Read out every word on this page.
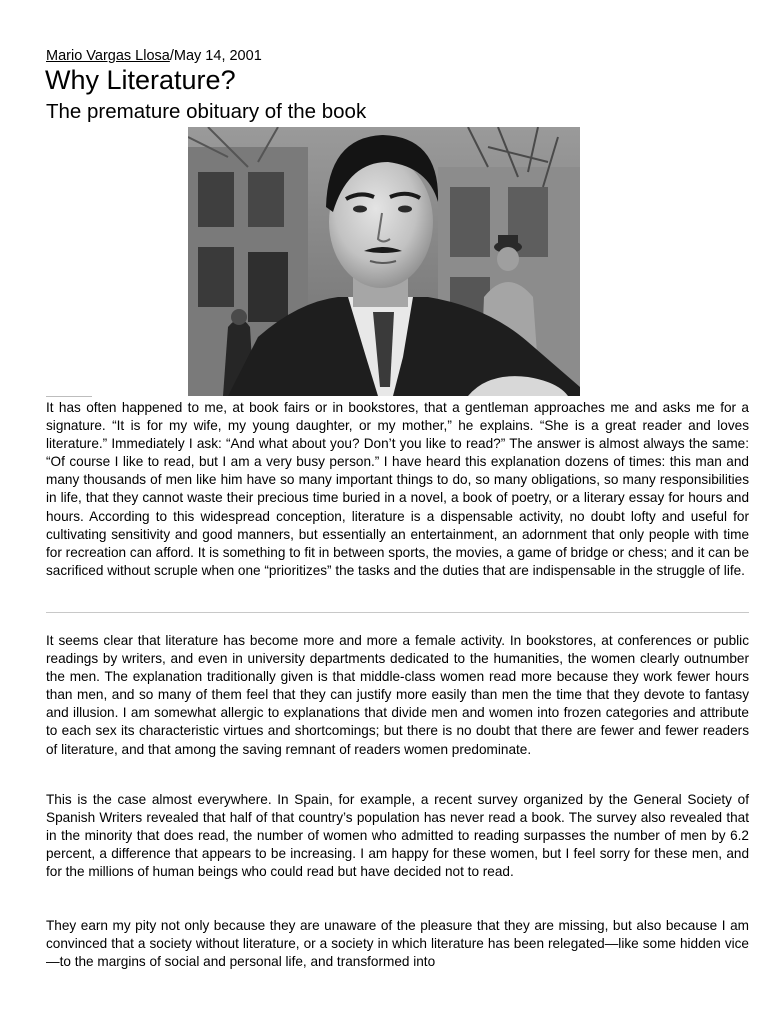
Mario Vargas Llosa/May 14, 2001
Why Literature?
The premature obituary of the book

It has often happened to me, at book fairs or in bookstores, that a gentleman approaches me and asks me for a signature. “It is for my wife, my young daughter, or my mother,” he explains. “She is a great reader and loves literature.” Immediately I ask: “And what about you? Don’t you like to read?” The answer is almost always the same: “Of course I like to read, but I am a very busy person.” I have heard this explanation dozens of times: this man and many thousands of men like him have so many important things to do, so many obligations, so many responsibilities in life, that they cannot waste their precious time buried in a novel, a book of poetry, or a literary essay for hours and hours. According to this widespread conception, literature is a dispensable activity, no doubt lofty and useful for cultivating sensitivity and good manners, but essentially an entertainment, an adornment that only people with time for recreation can afford. It is something to fit in between sports, the movies, a game of bridge or chess; and it can be sacrificed without scruple when one “prioritizes” the tasks and the duties that are indispensable in the struggle of life.

It seems clear that literature has become more and more a female activity. In bookstores, at conferences or public readings by writers, and even in university departments dedicated to the humanities, the women clearly outnumber the men. The explanation traditionally given is that middle-class women read more because they work fewer hours than men, and so many of them feel that they can justify more easily than men the time that they devote to fantasy and illusion. I am somewhat allergic to explanations that divide men and women into frozen categories and attribute to each sex its characteristic virtues and shortcomings; but there is no doubt that there are fewer and fewer readers of literature, and that among the saving remnant of readers women predominate.

This is the case almost everywhere. In Spain, for example, a recent survey organized by the General Society of Spanish Writers revealed that half of that country’s population has never read a book. The survey also revealed that in the minority that does read, the number of women who admitted to reading surpasses the number of men by 6.2 percent, a difference that appears to be increasing. I am happy for these women, but I feel sorry for these men, and for the millions of human beings who could read but have decided not to read.

They earn my pity not only because they are unaware of the pleasure that they are missing, but also because I am convinced that a society without literature, or a society in which literature has been relegated—like some hidden vice—to the margins of social and personal life, and transformed into
